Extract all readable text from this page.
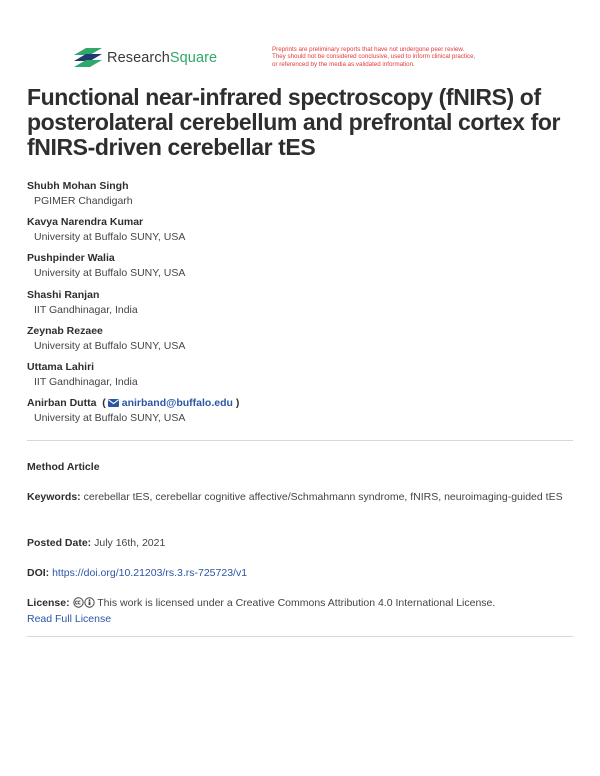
ResearchSquare
Preprints are preliminary reports that have not undergone peer review.
They should not be considered conclusive, used to inform clinical practice,
or referenced by the media as validated information.
Functional near-infrared spectroscopy (fNIRS) of posterolateral cerebellum and prefrontal cortex for fNIRS-driven cerebellar tES
Shubh Mohan Singh
PGIMER Chandigarh
Kavya Narendra Kumar
University at Buffalo SUNY, USA
Pushpinder Walia
University at Buffalo SUNY, USA
Shashi Ranjan
IIT Gandhinagar, India
Zeynab Rezaee
University at Buffalo SUNY, USA
Uttama Lahiri
IIT Gandhinagar, India
Anirban Dutta  ( anirband@buffalo.edu )
University at Buffalo SUNY, USA
Method Article
Keywords: cerebellar tES, cerebellar cognitive affective/Schmahmann syndrome, fNIRS, neuroimaging-guided tES
Posted Date: July 16th, 2021
DOI: https://doi.org/10.21203/rs.3.rs-725723/v1
License:	This work is licensed under a Creative Commons Attribution 4.0 International License.
Read Full License
